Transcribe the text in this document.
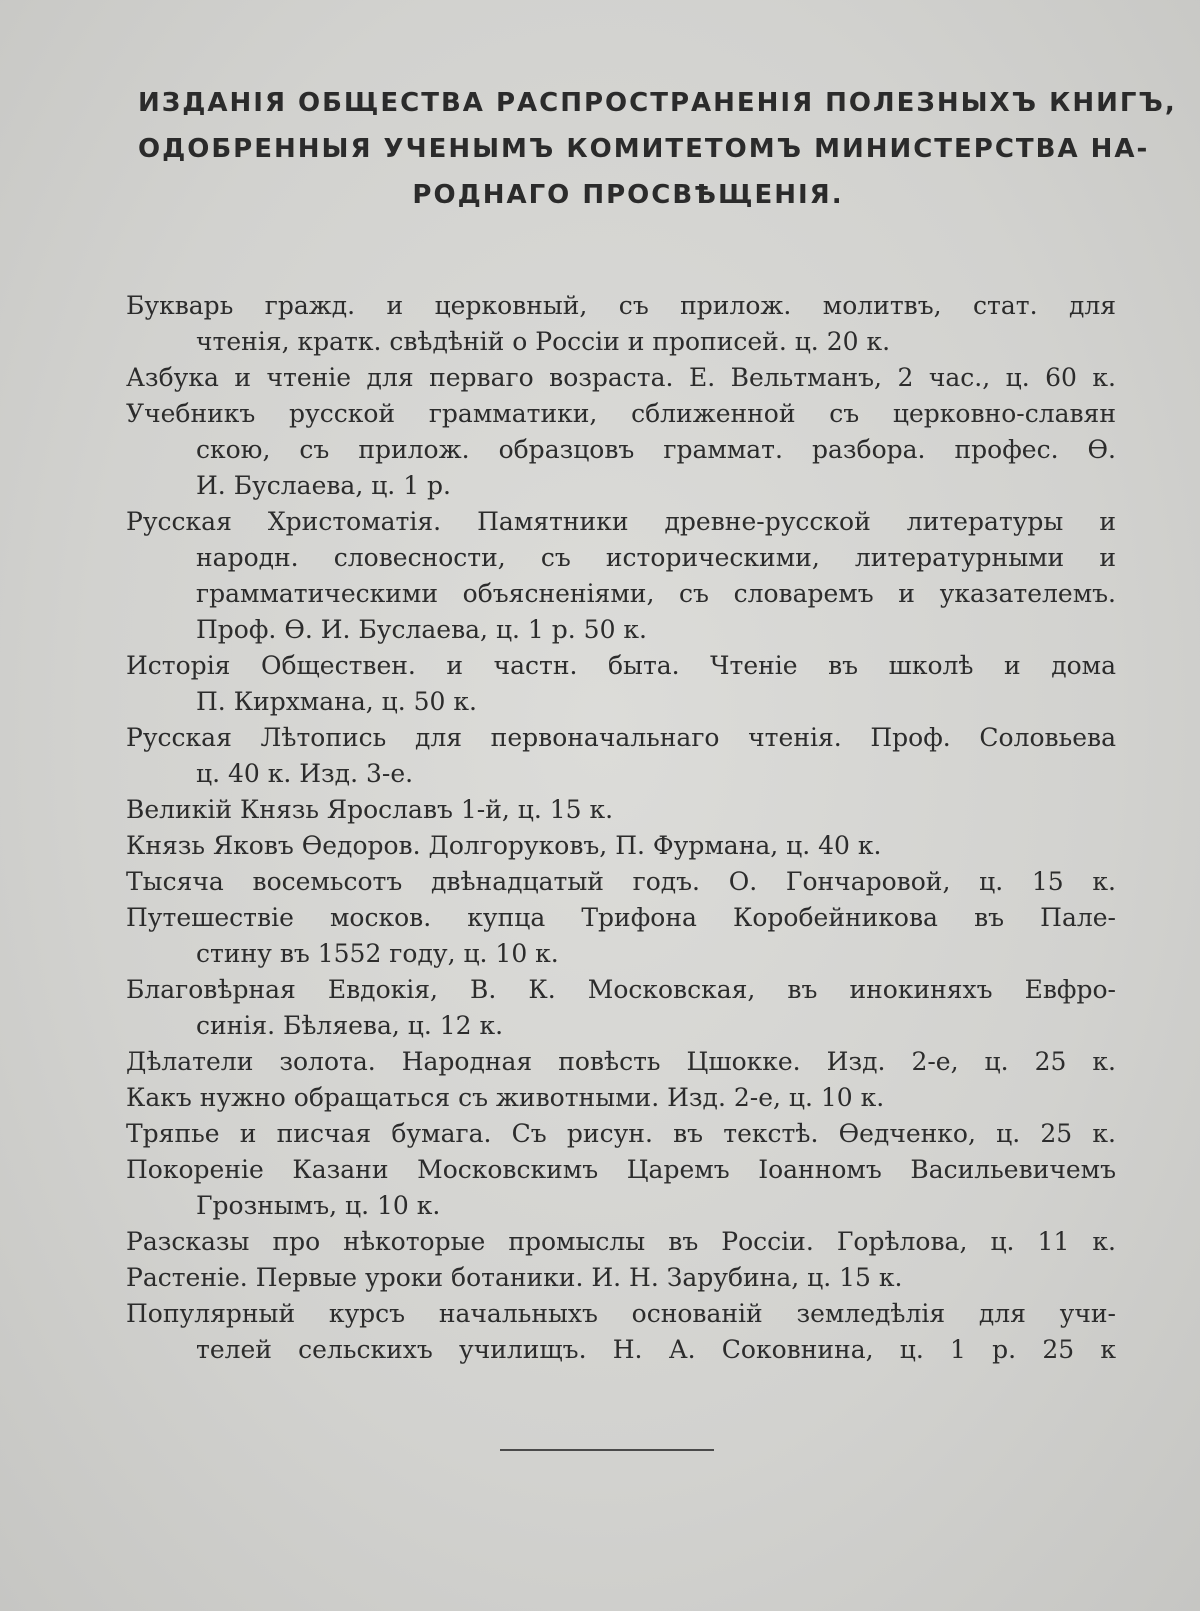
ИЗДАНІЯ ОБЩЕСТВА РАСПРОСТРАНЕНІЯ ПОЛЕЗНЫХЪ КНИГЪ,
ОДОБРЕННЫЯ УЧЕНЫМЪ КОМИТЕТОМЪ МИНИСТЕРСТВА НА-
РОДНАГО ПРОСВѢЩЕНІЯ.
Букварь гражд. и церковный, съ прилож. молитвъ, стат. для
чтенія, кратк. свѣдѣній о Россіи и прописей. ц. 20 к.
Азбука и чтеніе для перваго возраста. Е. Вельтманъ, 2 час., ц. 60 к.
Учебникъ русской грамматики, сближенной съ церковно-славян
скою, съ прилож. образцовъ граммат. разбора. профес. Ѳ.
И. Буслаева, ц. 1 р.
Русская Христоматія. Памятники древне-русской литературы и
народн. словесности, съ историческими, литературными и
грамматическими объясненіями, съ словаремъ и указателемъ.
Проф. Ѳ. И. Буслаева, ц. 1 р. 50 к.
Исторія Обществен. и частн. быта. Чтеніе въ школѣ и дома
П. Кирхмана, ц. 50 к.
Русская Лѣтопись для первоначальнаго чтенія. Проф. Соловьева
ц. 40 к. Изд. 3-е.
Великій Князь Ярославъ 1-й, ц. 15 к.
Князь Яковъ Ѳедоров. Долгоруковъ, П. Фурмана, ц. 40 к.
Тысяча восемьсотъ двѣнадцатый годъ. О. Гончаровой, ц. 15 к.
Путешествіе москов. купца Трифона Коробейникова въ Пале-
стину въ 1552 году, ц. 10 к.
Благовѣрная Евдокія, В. К. Московская, въ инокиняхъ Евфро-
синія. Бѣляева, ц. 12 к.
Дѣлатели золота. Народная повѣсть Цшокке. Изд. 2-е, ц. 25 к.
Какъ нужно обращаться съ животными. Изд. 2-е, ц. 10 к.
Тряпье и писчая бумага. Съ рисун. въ текстѣ. Ѳедченко, ц. 25 к.
Покореніе Казани Московскимъ Царемъ Іоанномъ Васильевичемъ
Грознымъ, ц. 10 к.
Разсказы про нѣкоторые промыслы въ Россіи. Горѣлова, ц. 11 к.
Растеніе. Первые уроки ботаники. И. Н. Зарубина, ц. 15 к.
Популярный курсъ начальныхъ основаній земледѣлія для учи-
телей сельскихъ училищъ. Н. А. Соковнина, ц. 1 р. 25 к
